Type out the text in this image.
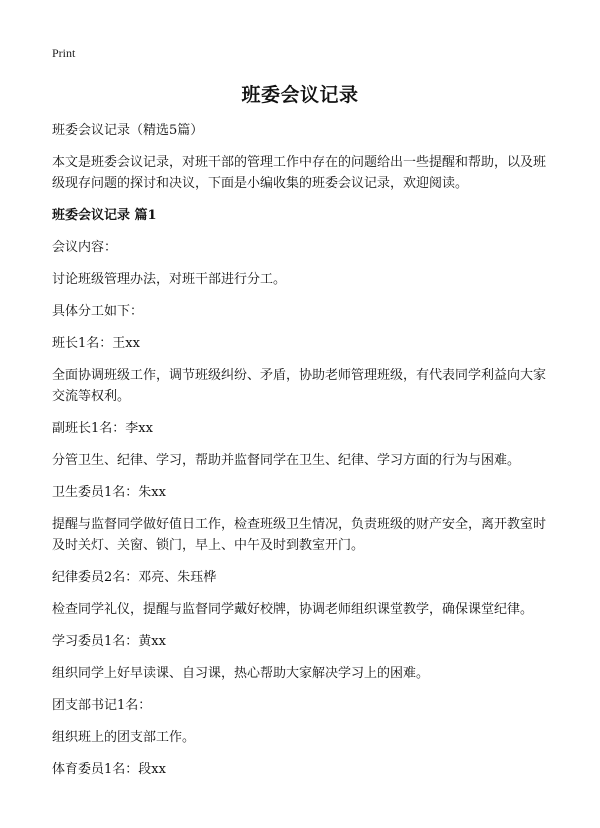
Print
班委会议记录
班委会议记录（精选5篇）
本文是班委会议记录，对班干部的管理工作中存在的问题给出一些提醒和帮助，以及班级现存问题的探讨和决议，下面是小编收集的班委会议记录，欢迎阅读。
班委会议记录 篇1
会议内容：
讨论班级管理办法，对班干部进行分工。
具体分工如下：
班长1名：王xx
全面协调班级工作，调节班级纠纷、矛盾，协助老师管理班级，有代表同学利益向大家交流等权利。
副班长1名：李xx
分管卫生、纪律、学习，帮助并监督同学在卫生、纪律、学习方面的行为与困难。
卫生委员1名：朱xx
提醒与监督同学做好值日工作，检查班级卫生情况，负责班级的财产安全，离开教室时及时关灯、关窗、锁门，早上、中午及时到教室开门。
纪律委员2名：邓亮、朱珏桦
检查同学礼仪，提醒与监督同学戴好校牌，协调老师组织课堂教学，确保课堂纪律。
学习委员1名：黄xx
组织同学上好早读课、自习课，热心帮助大家解决学习上的困难。
团支部书记1名：
组织班上的团支部工作。
体育委员1名：段xx
